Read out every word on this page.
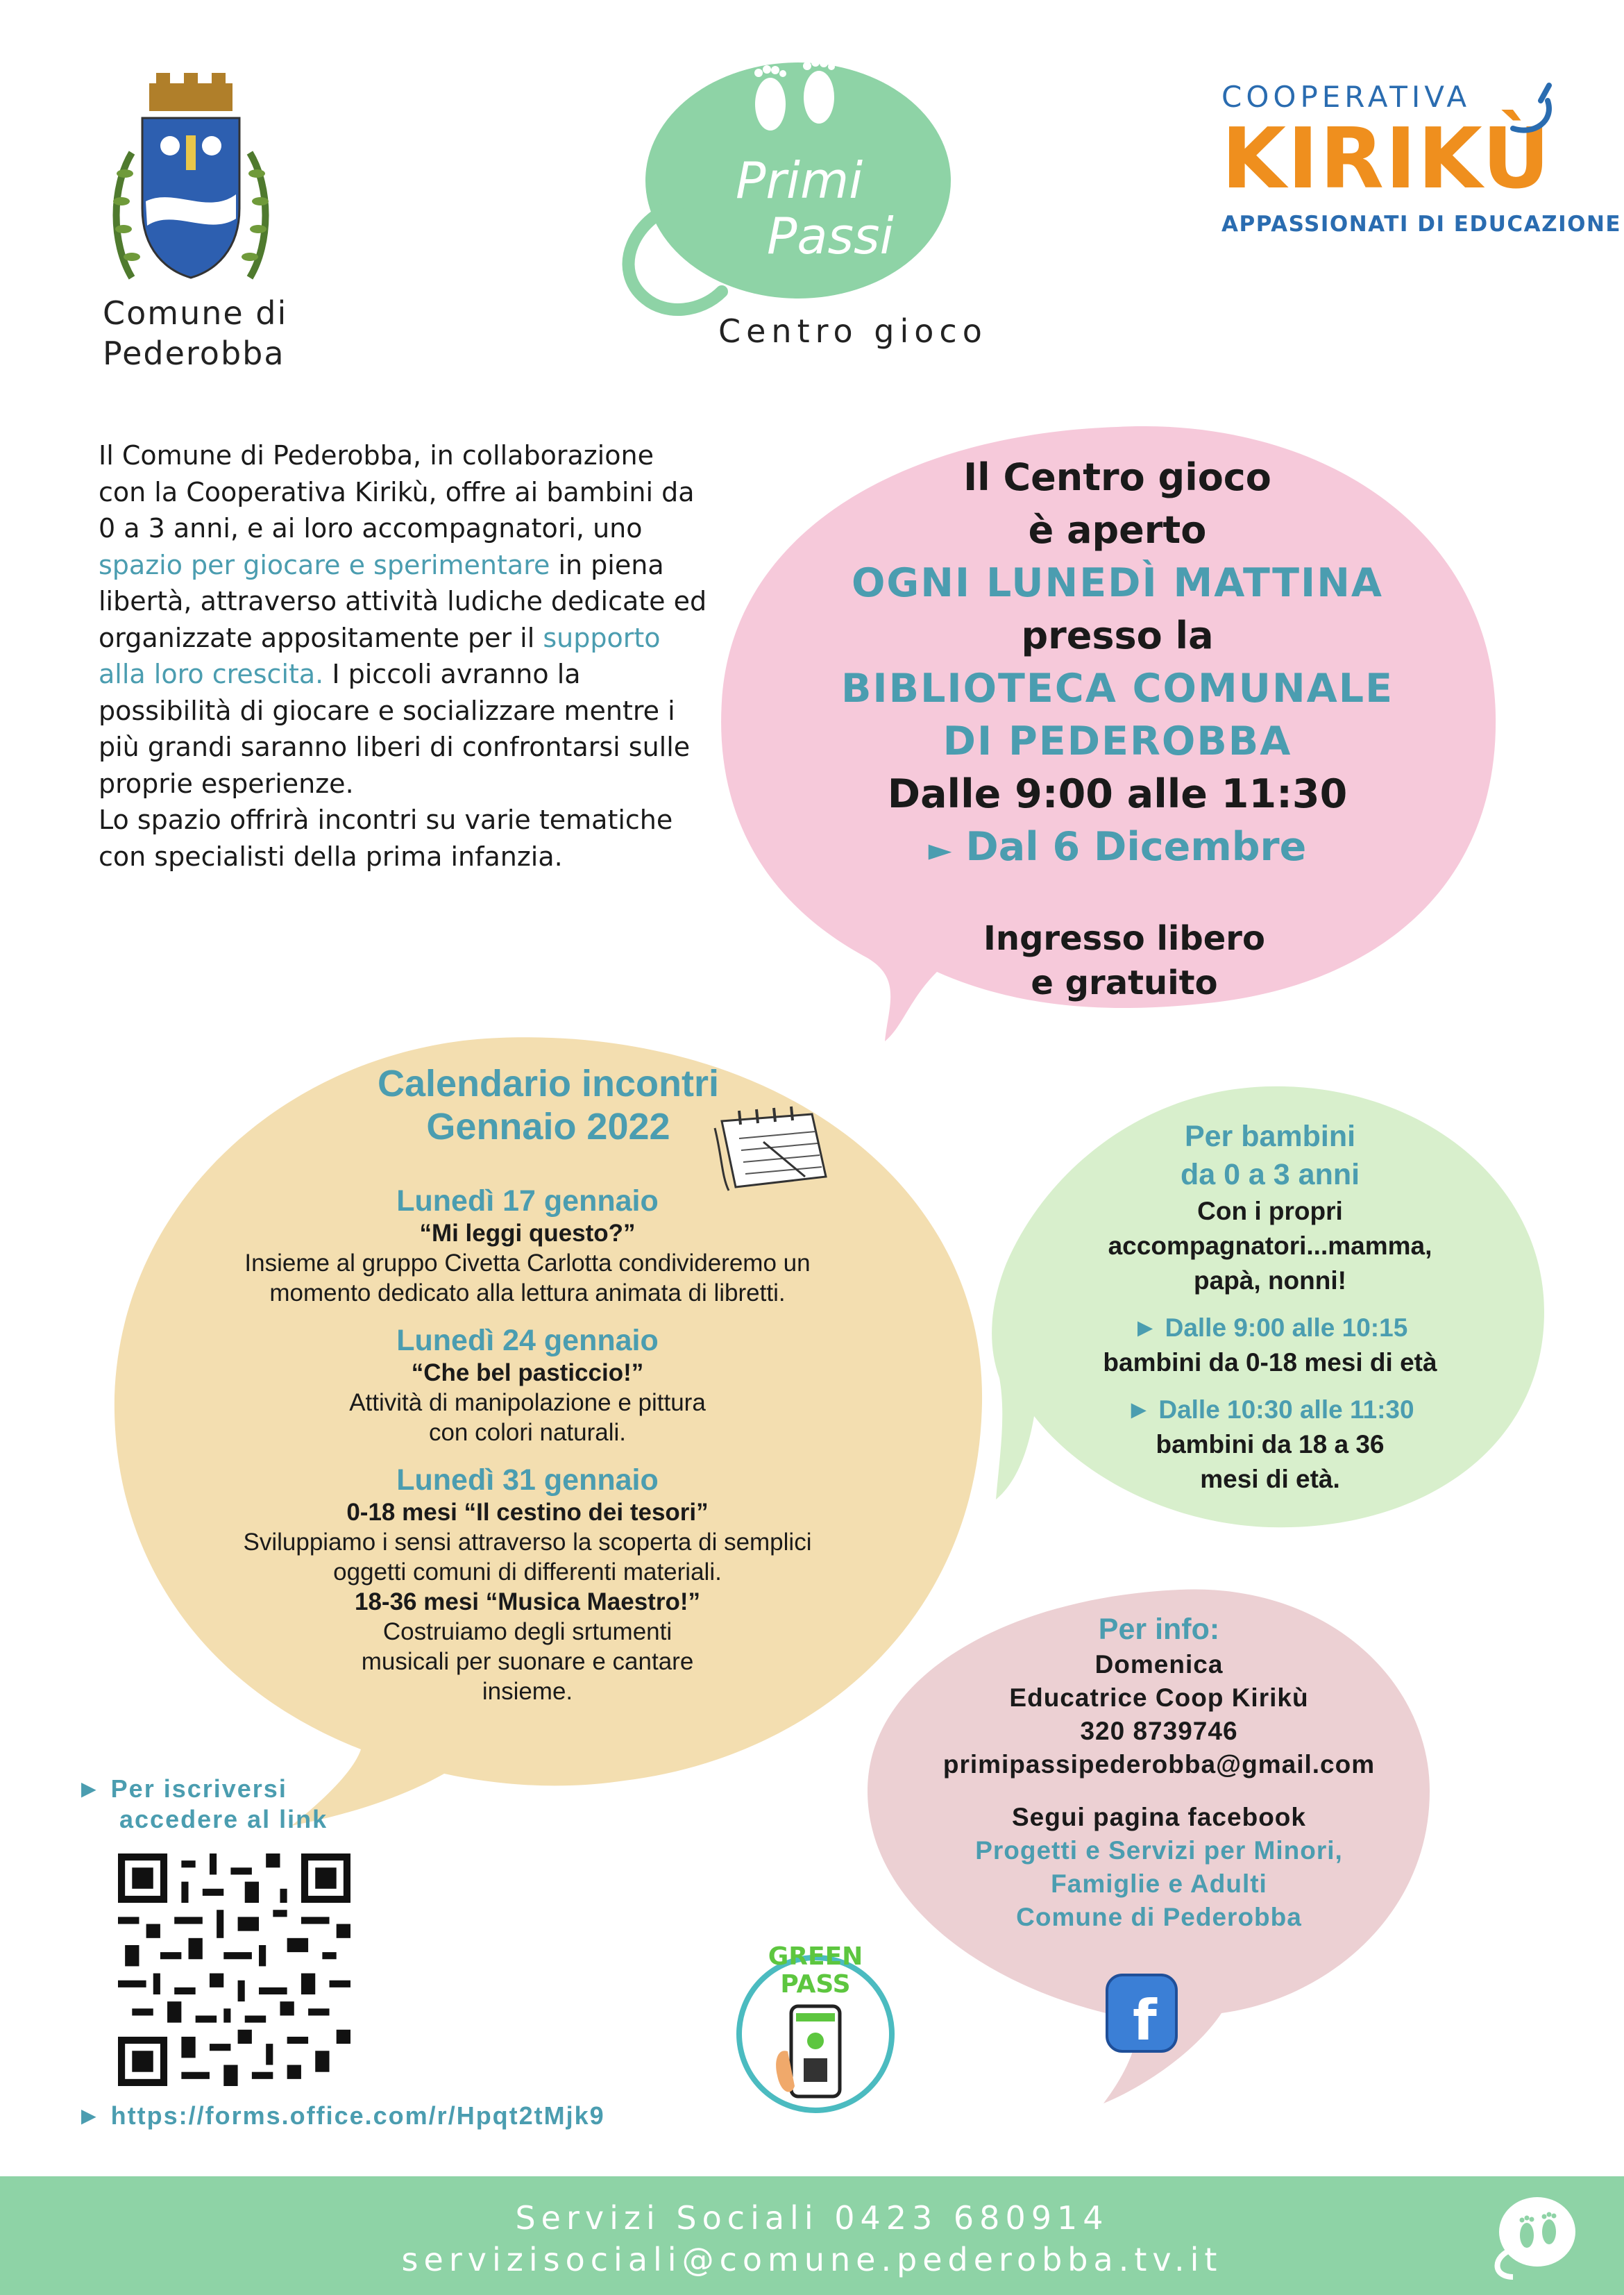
Comune di
Pederobba
Primi
Passi
Centro gioco
COOPERATIVA
KIRIKÙ
APPASSIONATI DI EDUCAZIONE
Il Comune di Pederobba, in collaborazione con la Cooperativa Kirikù, offre ai bambini da 0 a 3 anni, e ai loro accompagnatori, uno spazio per giocare e sperimentare in piena libertà, attraverso attività ludiche dedicate ed organizzate appositamente per il supporto alla loro crescita. I piccoli avranno la possibilità di giocare e socializzare mentre i più grandi saranno liberi di confrontarsi sulle proprie esperienze.
Lo spazio offrirà incontri su varie tematiche con specialisti della prima infanzia.
Il Centro gioco
è aperto
OGNI LUNEDÌ MATTINA
presso la
BIBLIOTECA COMUNALE
DI PEDEROBBA
Dalle 9:00 alle 11:30
► Dal 6 Dicembre
Ingresso libero
e gratuito
Calendario incontri
Gennaio 2022
Lunedì 17 gennaio
“Mi leggi questo?”
Insieme al gruppo Civetta Carlotta condivideremo un momento dedicato alla lettura animata di libretti.
Lunedì 24 gennaio
“Che bel pasticcio!”
Attività di manipolazione e pittura con colori naturali.
Lunedì 31 gennaio
0-18 mesi “Il cestino dei tesori”
Sviluppiamo i sensi attraverso la scoperta di semplici oggetti comuni di differenti materiali.
18-36 mesi “Musica Maestro!”
Costruiamo degli srtumenti musicali per suonare e cantare insieme.
Per bambini
da 0 a 3 anni
Con i propri accompagnatori...mamma, papà, nonni!
► Dalle 9:00 alle 10:15
bambini da 0-18 mesi di età
► Dalle 10:30 alle 11:30
bambini da 18 a 36 mesi di età.
Per info:
Domenica
Educatrice Coop Kirikù
320 8739746
primipassipederobba@gmail.com
Segui pagina facebook
Progetti e Servizi per Minori,
Famiglie e Adulti
Comune di Pederobba
f
► Per iscriversi
accedere al link
► https://forms.office.com/r/Hpqt2tMjk9
GREEN
PASS
Servizi Sociali 0423 680914
servizisociali@comune.pederobba.tv.it
